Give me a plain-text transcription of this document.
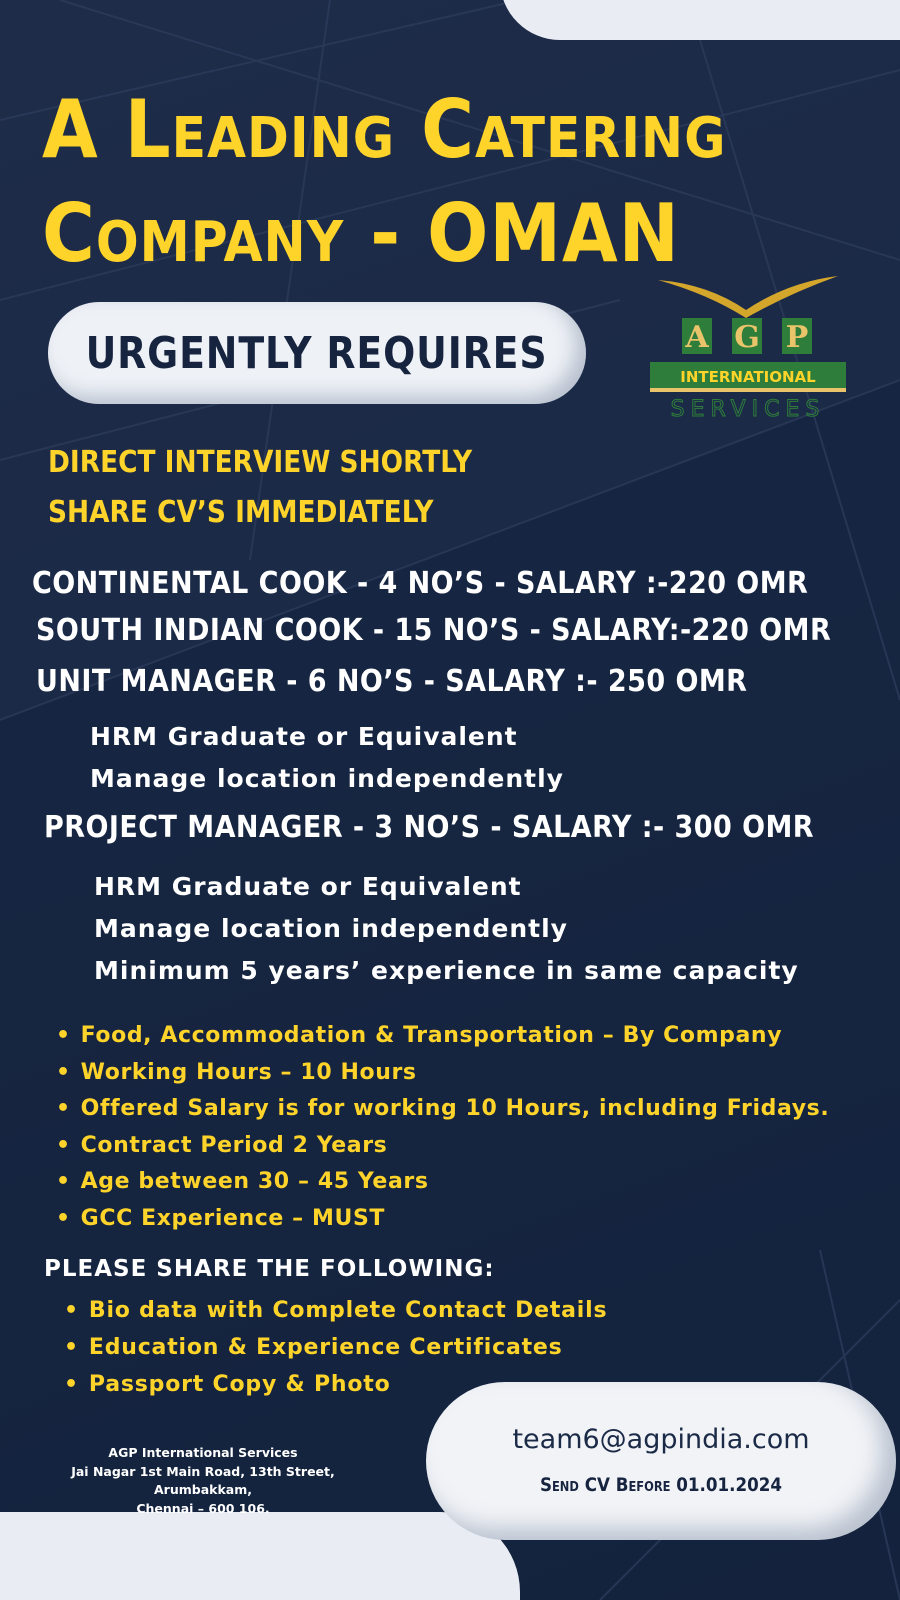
A Leading Catering
Company - OMAN
URGENTLY REQUIRES	A G P
INTERNATIONAL
SERVICES
DIRECT INTERVIEW SHORTLY
SHARE CV’S IMMEDIATELY
CONTINENTAL COOK - 4 NO’S - SALARY :-220 OMR
SOUTH INDIAN COOK - 15 NO’S - SALARY:-220 OMR
UNIT MANAGER - 6 NO’S - SALARY :- 250 OMR
HRM Graduate or Equivalent
Manage location independently
PROJECT MANAGER - 3 NO’S - SALARY :- 300 OMR
HRM Graduate or Equivalent
Manage location independently
Minimum 5 years’ experience in same capacity
• Food, Accommodation & Transportation – By Company
• Working Hours – 10 Hours
• Offered Salary is for working 10 Hours, including Fridays.
• Contract Period 2 Years
• Age between 30 – 45 Years
• GCC Experience – MUST
PLEASE SHARE THE FOLLOWING:
• Bio data with Complete Contact Details
• Education & Experience Certificates
• Passport Copy & Photo
AGP International Services
Jai Nagar 1st Main Road, 13th Street, Arumbakkam,
Chennai – 600 106.
team6@agpindia.com
Send CV Before 01.01.2024
